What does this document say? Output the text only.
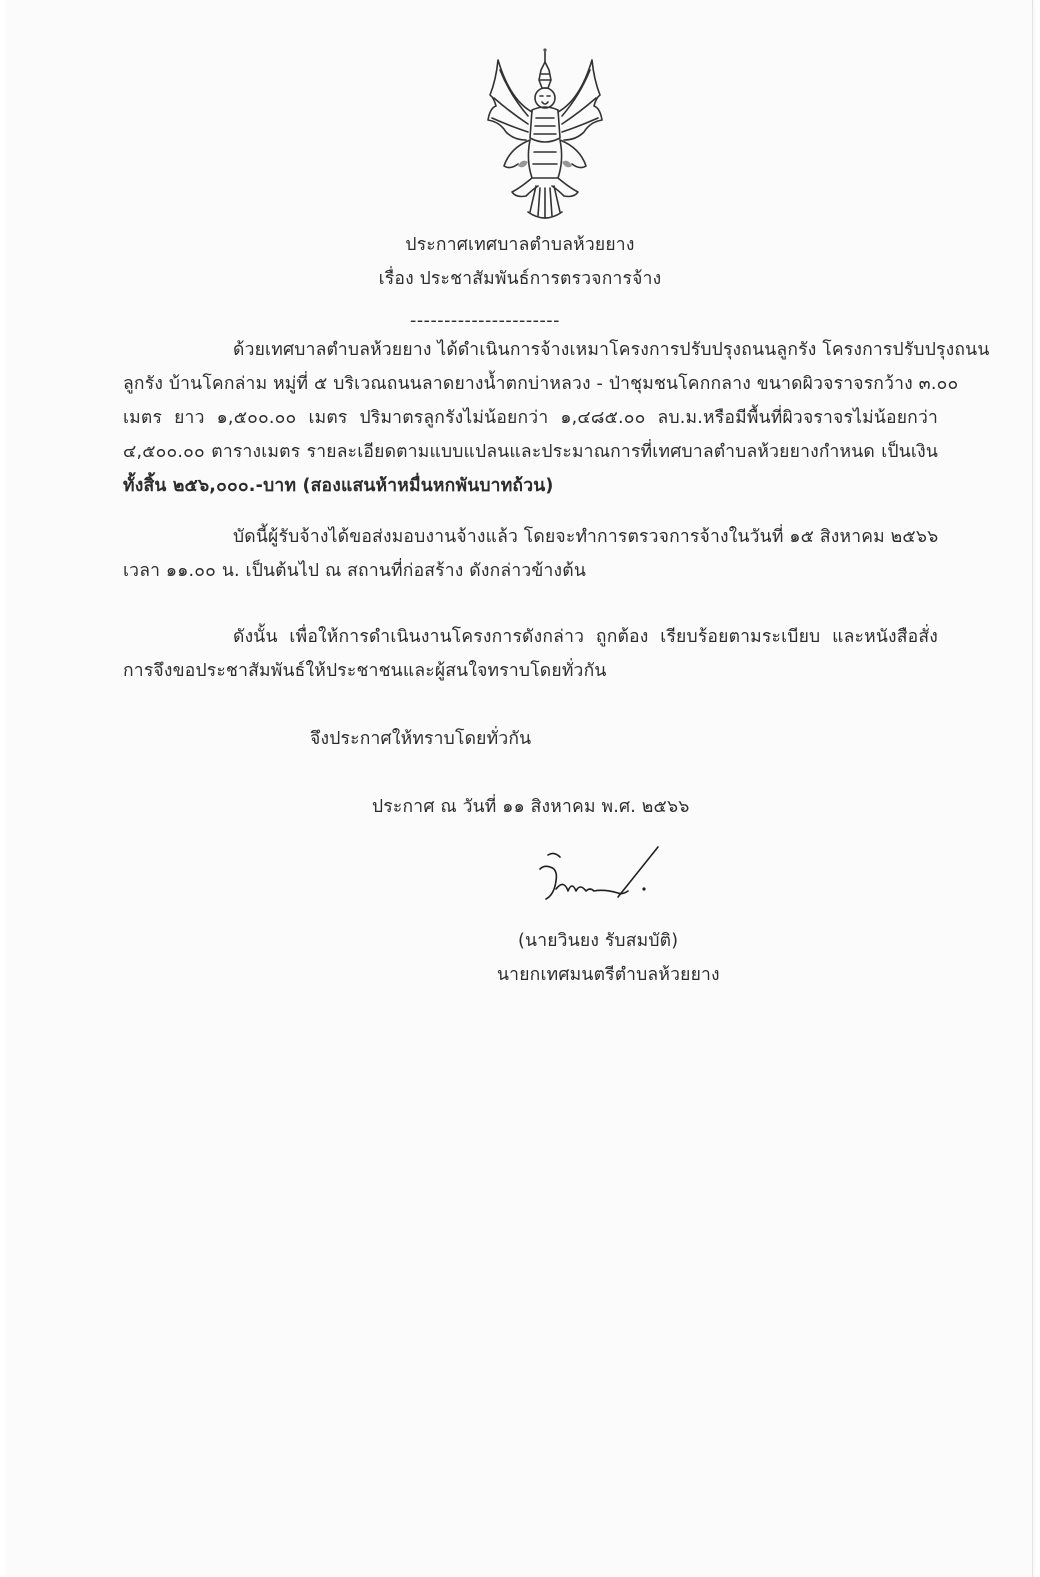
ประกาศเทศบาลตำบลห้วยยาง
เรื่อง ประชาสัมพันธ์การตรวจการจ้าง
----------------------
ด้วยเทศบาลตำบลห้วยยาง ได้ดำเนินการจ้างเหมาโครงการปรับปรุงถนนลูกรัง โครงการปรับปรุงถนน
ลูกรัง บ้านโคกล่าม หมู่ที่ ๕ บริเวณถนนลาดยางน้ำตกบ่าหลวง - ป่าชุมชนโคกกลาง ขนาดผิวจราจรกว้าง ๓.๐๐
เมตร ยาว ๑,๕๐๐.๐๐ เมตร ปริมาตรลูกรังไม่น้อยกว่า ๑,๔๘๕.๐๐ ลบ.ม.หรือมีพื้นที่ผิวจราจรไม่น้อยกว่า
๔,๕๐๐.๐๐ ตารางเมตร รายละเอียดตามแบบแปลนและประมาณการที่เทศบาลตำบลห้วยยางกำหนด เป็นเงิน
ทั้งสิ้น ๒๕๖,๐๐๐.-บาท (สองแสนห้าหมื่นหกพันบาทถ้วน)
บัดนี้ผู้รับจ้างได้ขอส่งมอบงานจ้างแล้ว โดยจะทำการตรวจการจ้างในวันที่ ๑๕ สิงหาคม ๒๕๖๖
เวลา ๑๑.๐๐ น. เป็นต้นไป ณ สถานที่ก่อสร้าง ดังกล่าวข้างต้น
ดังนั้น เพื่อให้การดำเนินงานโครงการดังกล่าว ถูกต้อง เรียบร้อยตามระเบียบ และหนังสือสั่ง
การจึงขอประชาสัมพันธ์ให้ประชาชนและผู้สนใจทราบโดยทั่วกัน
จึงประกาศให้ทราบโดยทั่วกัน
ประกาศ ณ วันที่ ๑๑ สิงหาคม พ.ศ. ๒๕๖๖
(นายวินยง รับสมบัติ)
นายกเทศมนตรีตำบลห้วยยาง
